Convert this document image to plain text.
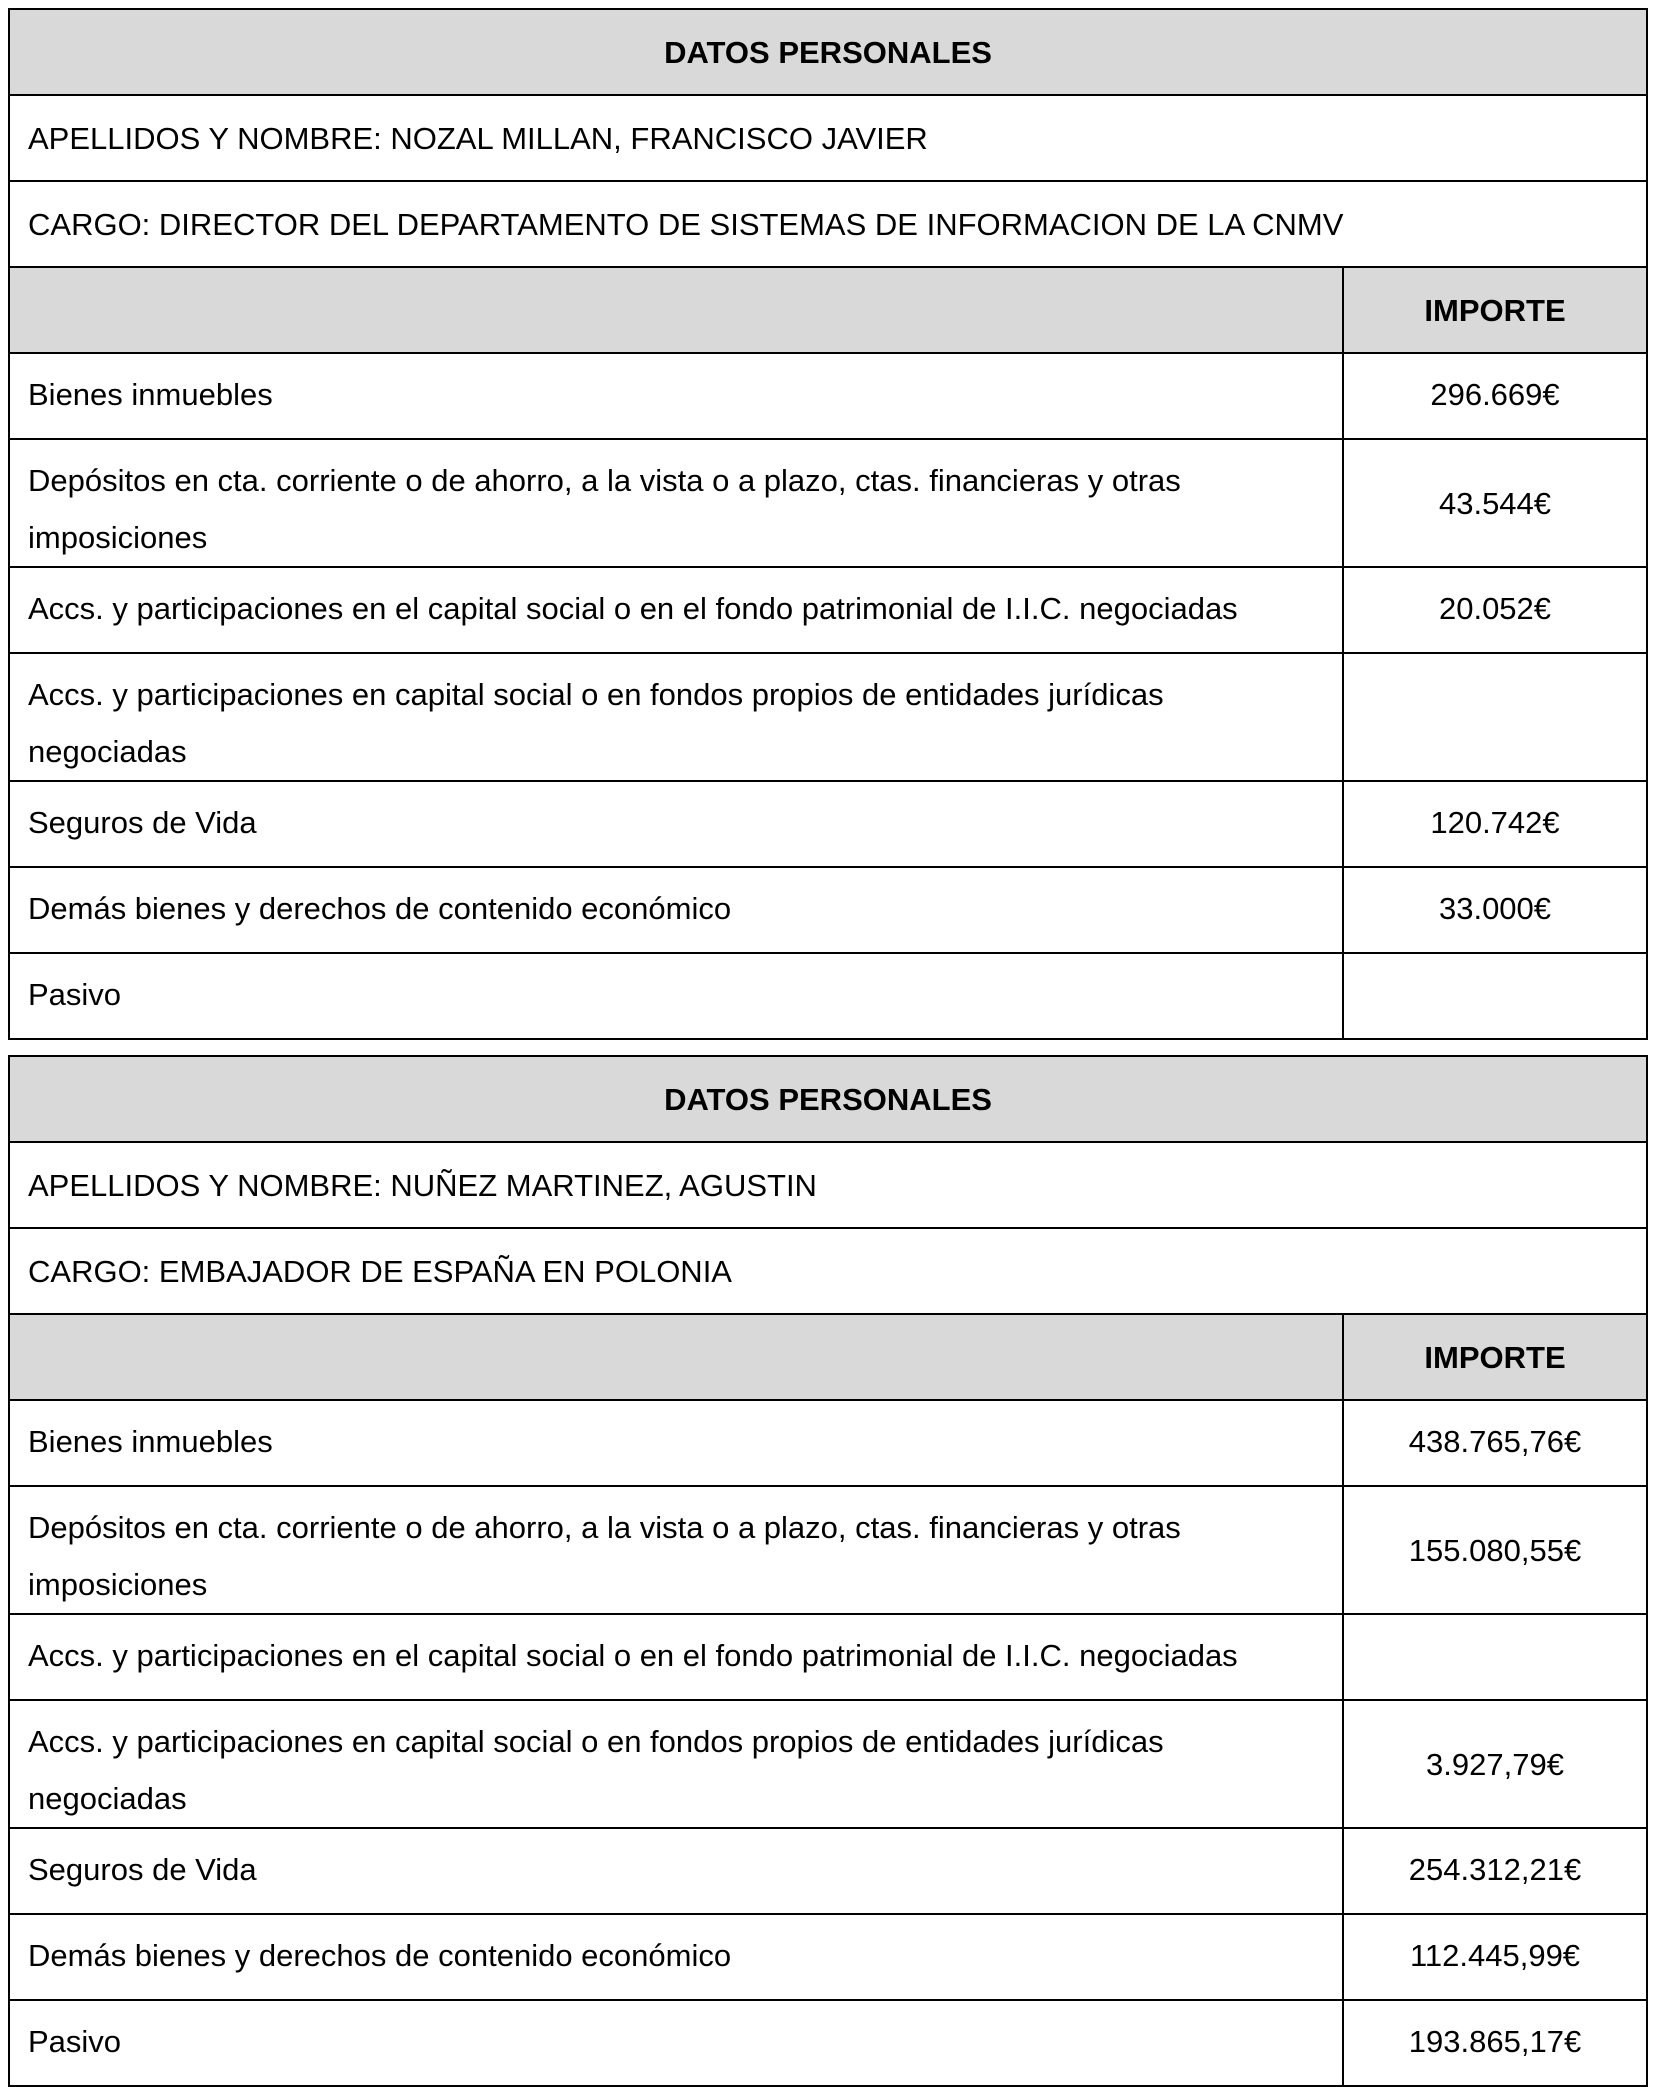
DATOS PERSONALES	
APELLIDOS Y NOMBRE: NOZAL MILLAN, FRANCISCO JAVIER	
CARGO: DIRECTOR DEL DEPARTAMENTO DE SISTEMAS DE INFORMACION DE LA CNMV	
	IMPORTE
Bienes inmuebles	296.669€
Depósitos en cta. corriente o de ahorro, a la vista o a plazo, ctas. financieras y otras imposiciones	43.544€
Accs. y participaciones en el capital social o en el fondo patrimonial de I.I.C. negociadas	20.052€
Accs. y participaciones en capital social o en fondos propios de entidades jurídicas negociadas	
Seguros de Vida	120.742€
Demás bienes y derechos de contenido económico	33.000€
Pasivo	
DATOS PERSONALES	
APELLIDOS Y NOMBRE: NUÑEZ MARTINEZ, AGUSTIN	
CARGO: EMBAJADOR DE ESPAÑA EN POLONIA	
	IMPORTE
Bienes inmuebles	438.765,76€
Depósitos en cta. corriente o de ahorro, a la vista o a plazo, ctas. financieras y otras imposiciones	155.080,55€
Accs. y participaciones en el capital social o en el fondo patrimonial de I.I.C. negociadas	
Accs. y participaciones en capital social o en fondos propios de entidades jurídicas negociadas	3.927,79€
Seguros de Vida	254.312,21€
Demás bienes y derechos de contenido económico	112.445,99€
Pasivo	193.865,17€
